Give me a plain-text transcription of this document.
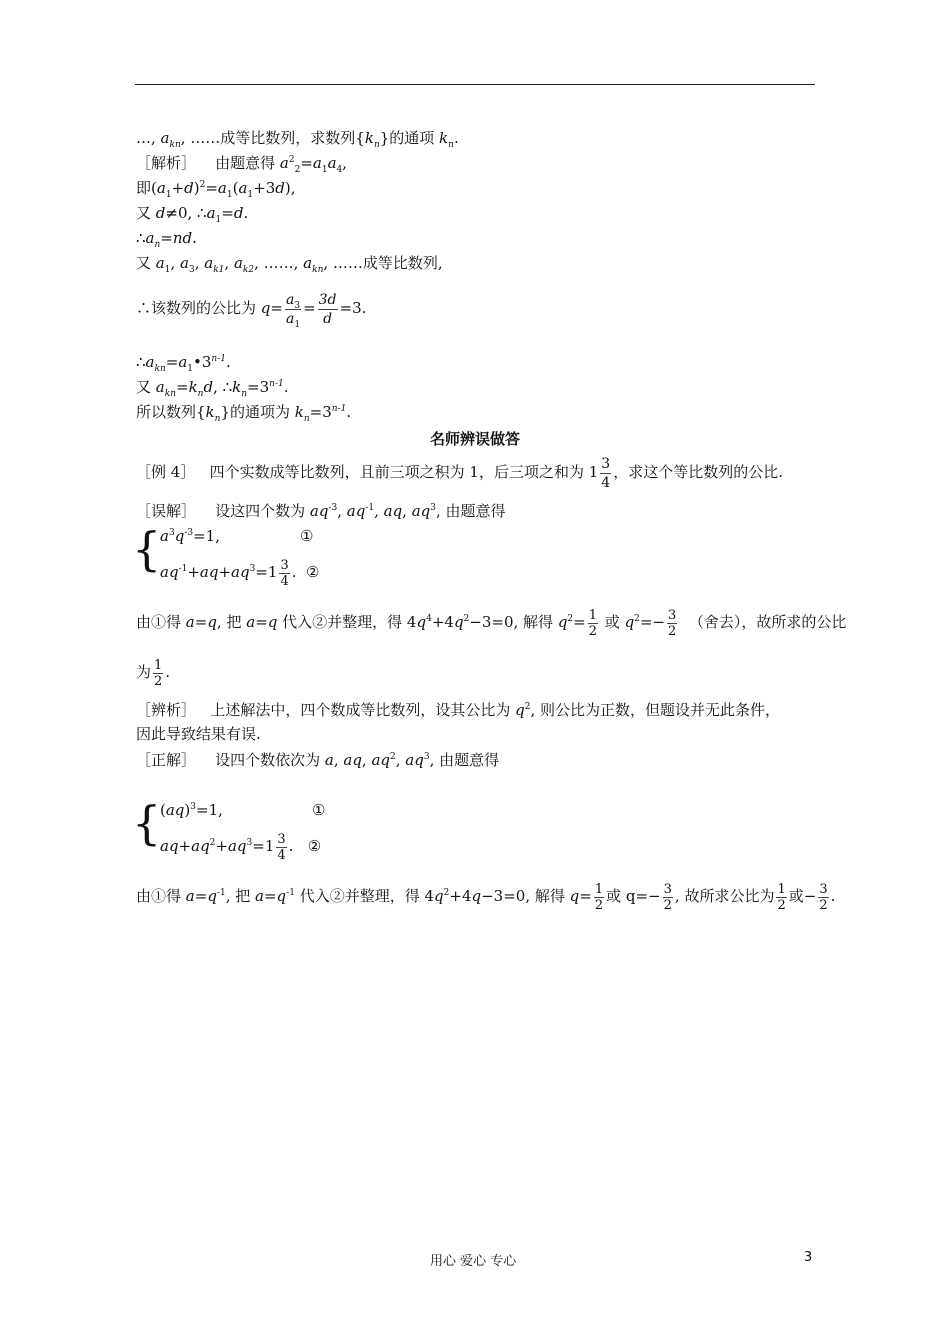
…, $a_{kn}$, ……成等比数列，求数列$\{k_n\}$的通项 $k_n$.
［解析］ 由题意得 $a^2_2=a_1a_4$,
即$(a_1+d)^2=a_1(a_1+3d)$,
又 d≠0, $\therefore a_1=d$.
$\therefore a_n=nd$.
又 $a_1$, $a_3$, $a_{k1}$, $a_{k2}$, ……, $a_{kn}$, ……成等比数列,
∴该数列的公比为 $q= \frac{a_3}{a_1} = \frac{3d}{d} =3$.
$\therefore a_{kn}=a_1•3^{n-1}$.
又 $a_{kn}=k_nd$, $\therefore k_n=3^{n-1}$.
所以数列$\{k_n\}$的通项为 $k_n=3^{n-1}$.
名师辨误做答
［例 4］ 四个实数成等比数列，且前三项之积为 1，后三项之和为 $1 \frac{3}{4}$ ，求这个等比数列的公比.
［误解］ 设这四个数为 $aq^{-3}$, $aq^{-1}$, aq, $aq^3$, 由题意得
{
$a^3q^{-3}=1$,	①
$aq^{-1}+aq+aq^3=1 \frac{3}{4}$ . ②
由①得 a=q, 把 a=q 代入②并整理，得 $4q^4+4q^2-3=0$, 解得 $q^2= \frac{1}{2}$ 或 $q^2=- \frac{3}{2}$ （舍去），故所求的公比
为 $\frac{1}{2}$ .
［辨析］ 上述解法中，四个数成等比数列，设其公比为 $q^2$, 则公比为正数，但题设并无此条件，
因此导致结果有误.
［正解］ 设四个数依次为 a, aq, $aq^2$, $aq^3$, 由题意得
{
(aq)$^3$=1,	①
$aq+aq^2+aq^3=1 \frac{3}{4}$ . ②
由①得 $a=q^{-1}$, 把 $a=q^{-1}$ 代入②并整理，得 $4q^2+4q-3=0$, 解得 $q= \frac{1}{2}$ 或 $q=- \frac{3}{2}$ , 故所求公比为 $\frac{1}{2}$ 或− $\frac{3}{2}$ .
用心 爱心 专心	3
